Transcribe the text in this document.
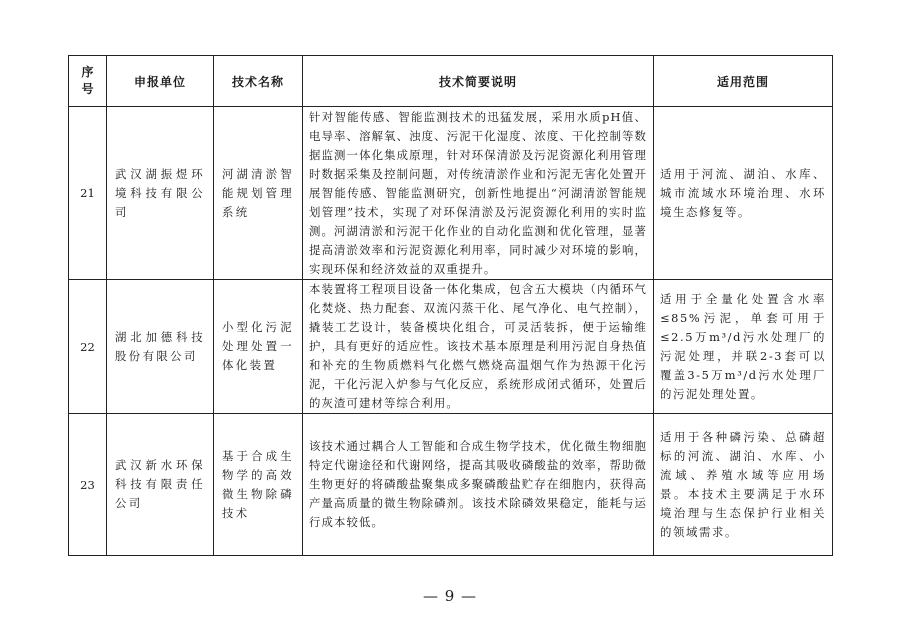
序
号	申报单位	技术名称	技术简要说明	适用范围
21	武汉湖振煜环境科技有限公司	河湖清淤智能规划管理系统	针对智能传感、智能监测技术的迅猛发展，采用水质pH值、电导率、溶解氧、浊度、污泥干化湿度、浓度、干化控制等数据监测一体化集成原理，针对环保清淤及污泥资源化利用管理时数据采集及控制问题，对传统清淤作业和污泥无害化处置开展智能传感、智能监测研究，创新性地提出“河湖清淤智能规划管理”技术，实现了对环保清淤及污泥资源化利用的实时监测。河湖清淤和污泥干化作业的自动化监测和优化管理，显著提高清淤效率和污泥资源化利用率，同时减少对环境的影响，实现环保和经济效益的双重提升。	适用于河流、湖泊、水库、城市流域水环境治理、水环境生态修复等。
22	湖北加德科技股份有限公司	小型化污泥处理处置一体化装置	本装置将工程项目设备一体化集成，包含五大模块（内循环气化焚烧、热力配套、双流闪蒸干化、尾气净化、电气控制），撬装工艺设计，装备模块化组合，可灵活装拆，便于运输维护，具有更好的适应性。该技术基本原理是利用污泥自身热值和补充的生物质燃料气化燃气燃烧高温烟气作为热源干化污泥，干化污泥入炉参与气化反应，系统形成闭式循环，处置后的灰渣可建材等综合利用。	适用于全量化处置含水率≤85%污泥，单套可用于≤2.5万m³/d污水处理厂的污泥处理，并联2-3套可以覆盖3-5万m³/d污水处理厂的污泥处理处置。
23	武汉新水环保科技有限责任公司	基于合成生物学的高效微生物除磷技术	该技术通过耦合人工智能和合成生物学技术，优化微生物细胞特定代谢途径和代谢网络，提高其吸收磷酸盐的效率，帮助微生物更好的将磷酸盐聚集成多聚磷酸盐贮存在细胞内，获得高产量高质量的微生物除磷剂。该技术除磷效果稳定，能耗与运行成本较低。	适用于各种磷污染、总磷超标的河流、湖泊、水库、小流域、养殖水域等应用场景。本技术主要满足于水环境治理与生态保护行业相关的领域需求。
— 9 —
